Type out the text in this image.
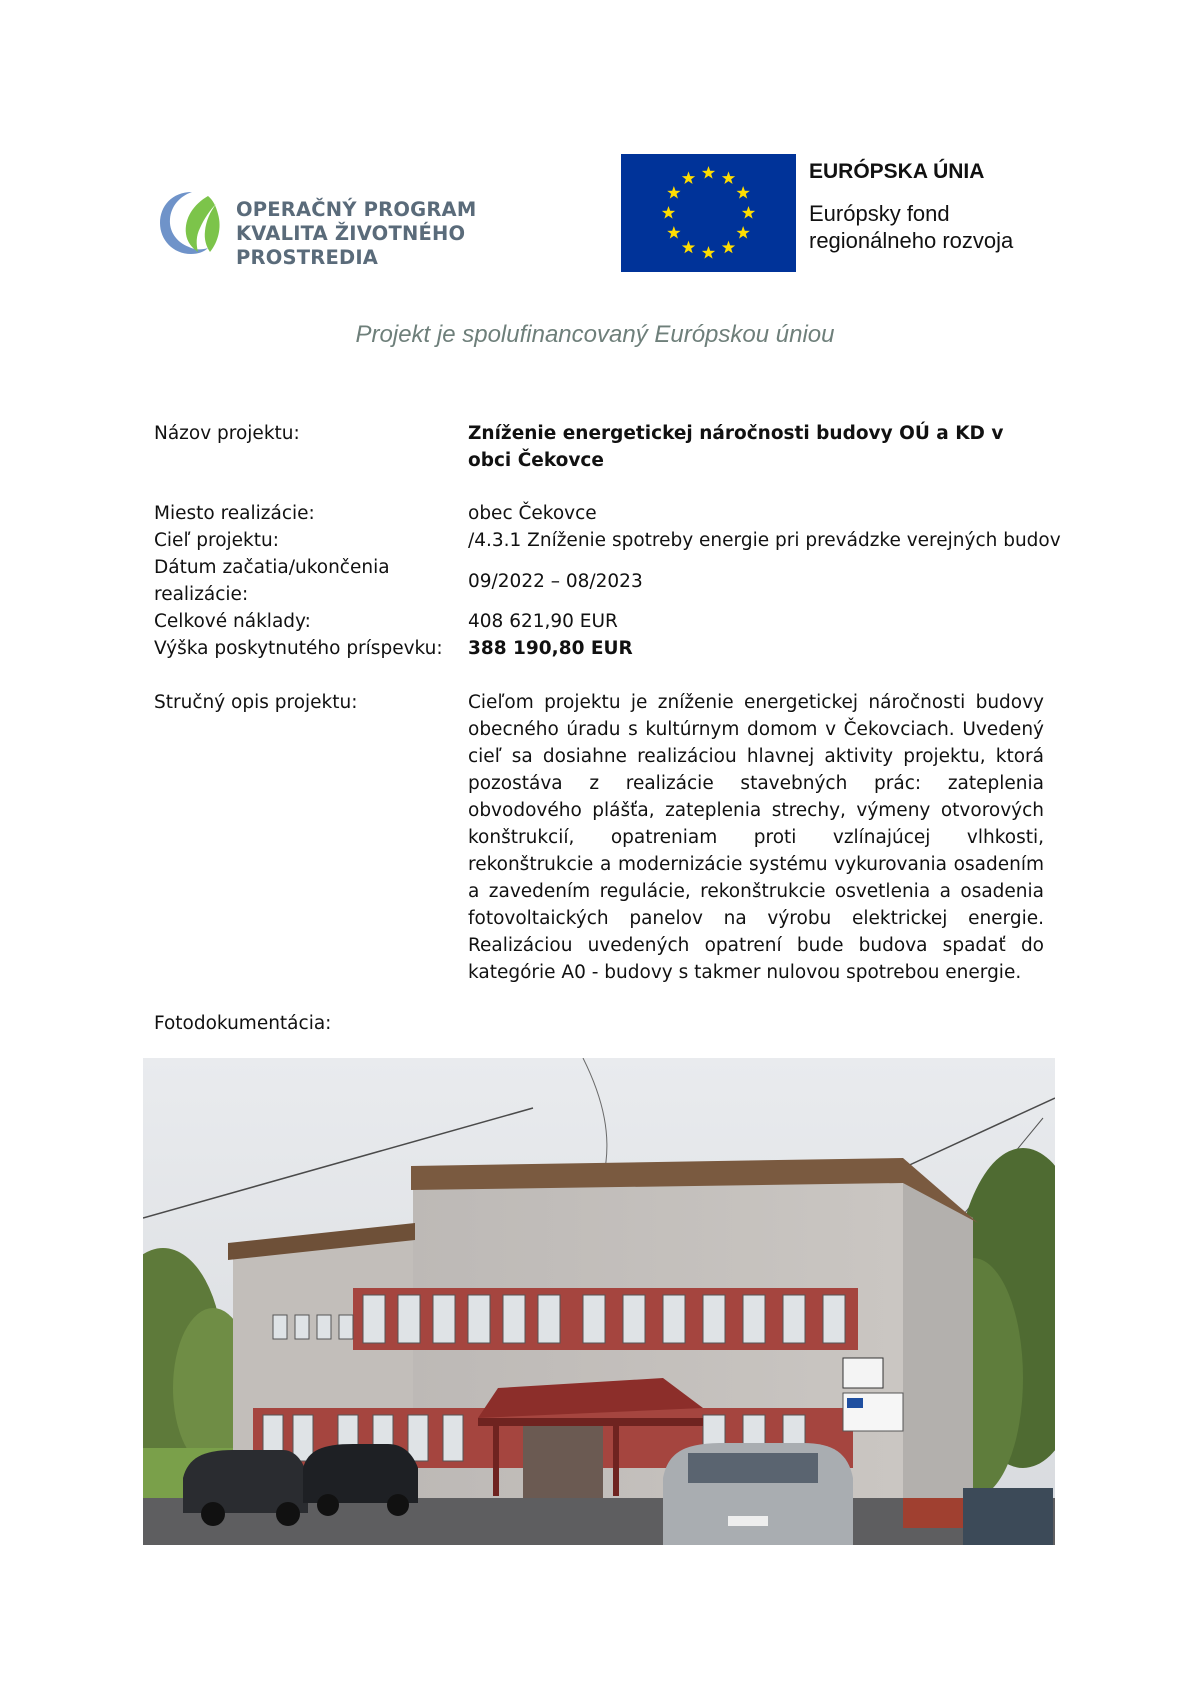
OPERAČNÝ PROGRAM
KVALITA ŽIVOTNÉHO PROSTREDIA
EURÓPSKA ÚNIA
Európsky fond
regionálneho rozvoja
Projekt je spolufinancovaný Európskou úniou
Názov projektu:	Zníženie energetickej náročnosti budovy OÚ a KD v obci Čekovce
Miesto realizácie:	obec Čekovce
Cieľ projektu:	/4.3.1 Zníženie spotreby energie pri prevádzke verejných budov
Dátum začatia/ukončenia realizácie:
09/2022 – 08/2023
Celkové náklady:	408 621,90 EUR
Výška poskytnutého príspevku:	388 190,80 EUR
Stručný opis projektu:	Cieľom projektu je zníženie energetickej náročnosti budovy obecného úradu s kultúrnym domom v Čekovciach. Uvedený cieľ sa dosiahne realizáciou hlavnej aktivity projektu, ktorá pozostáva z realizácie stavebných prác: zateplenia obvodového plášťa, zateplenia strechy, výmeny otvorových konštrukcií, opatreniam proti vzlínajúcej vlhkosti, rekonštrukcie a modernizácie systému vykurovania osadením a zavedením regulácie, rekonštrukcie osvetlenia a osadenia fotovoltaických panelov na výrobu elektrickej energie. Realizáciou uvedených opatrení bude budova spadať do kategórie A0 - budovy s takmer nulovou spotrebou energie.
Fotodokumentácia:
